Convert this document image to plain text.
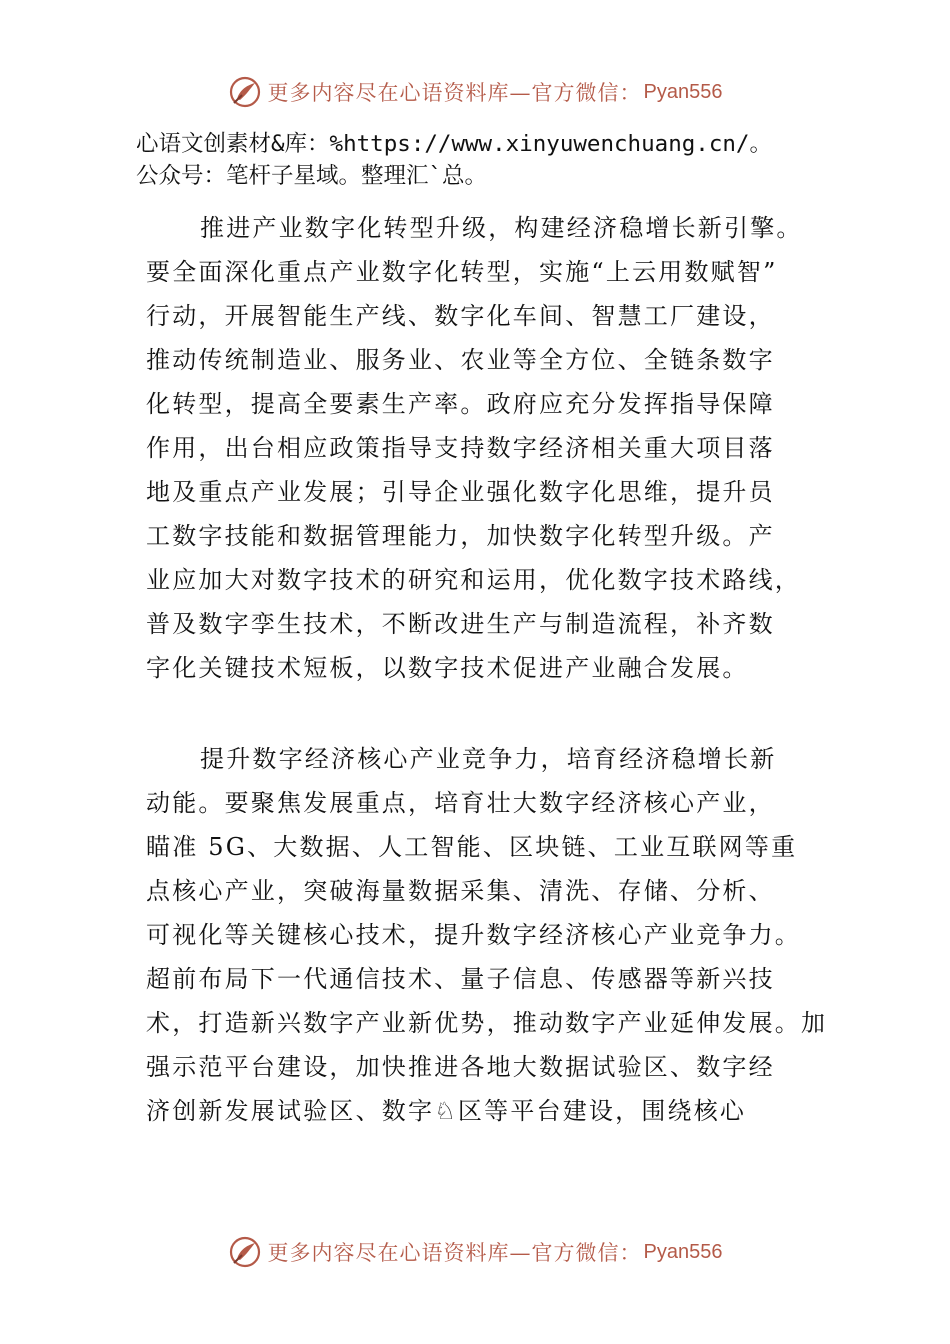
更多内容尽在心语资料库—官方微信： Pyan556
心语文创素材&库：%https://www.xinyuwenchuang.cn/。
公众号：笔杆子星域。整理汇`总。
推进产业数字化转型升级，构建经济稳增长新引擎。
要全面深化重点产业数字化转型，实施“上云用数赋智”
行动，开展智能生产线、数字化车间、智慧工厂建设，
推动传统制造业、服务业、农业等全方位、全链条数字
化转型，提高全要素生产率。政府应充分发挥指导保障
作用，出台相应政策指导支持数字经济相关重大项目落
地及重点产业发展；引导企业强化数字化思维，提升员
工数字技能和数据管理能力，加快数字化转型升级。产
业应加大对数字技术的研究和运用，优化数字技术路线，
普及数字孪生技术，不断改进生产与制造流程，补齐数
字化关键技术短板，以数字技术促进产业融合发展。
提升数字经济核心产业竞争力，培育经济稳增长新
动能。要聚焦发展重点，培育壮大数字经济核心产业，
瞄准 5G、大数据、人工智能、区块链、工业互联网等重
点核心产业，突破海量数据采集、清洗、存储、分析、
可视化等关键核心技术，提升数字经济核心产业竞争力。
超前布局下一代通信技术、量子信息、传感器等新兴技
术，打造新兴数字产业新优势，推动数字产业延伸发展。加
强示范平台建设，加快推进各地大数据试验区、数字经
济创新发展试验区、数字♘区等平台建设，围绕核心
更多内容尽在心语资料库—官方微信： Pyan556
